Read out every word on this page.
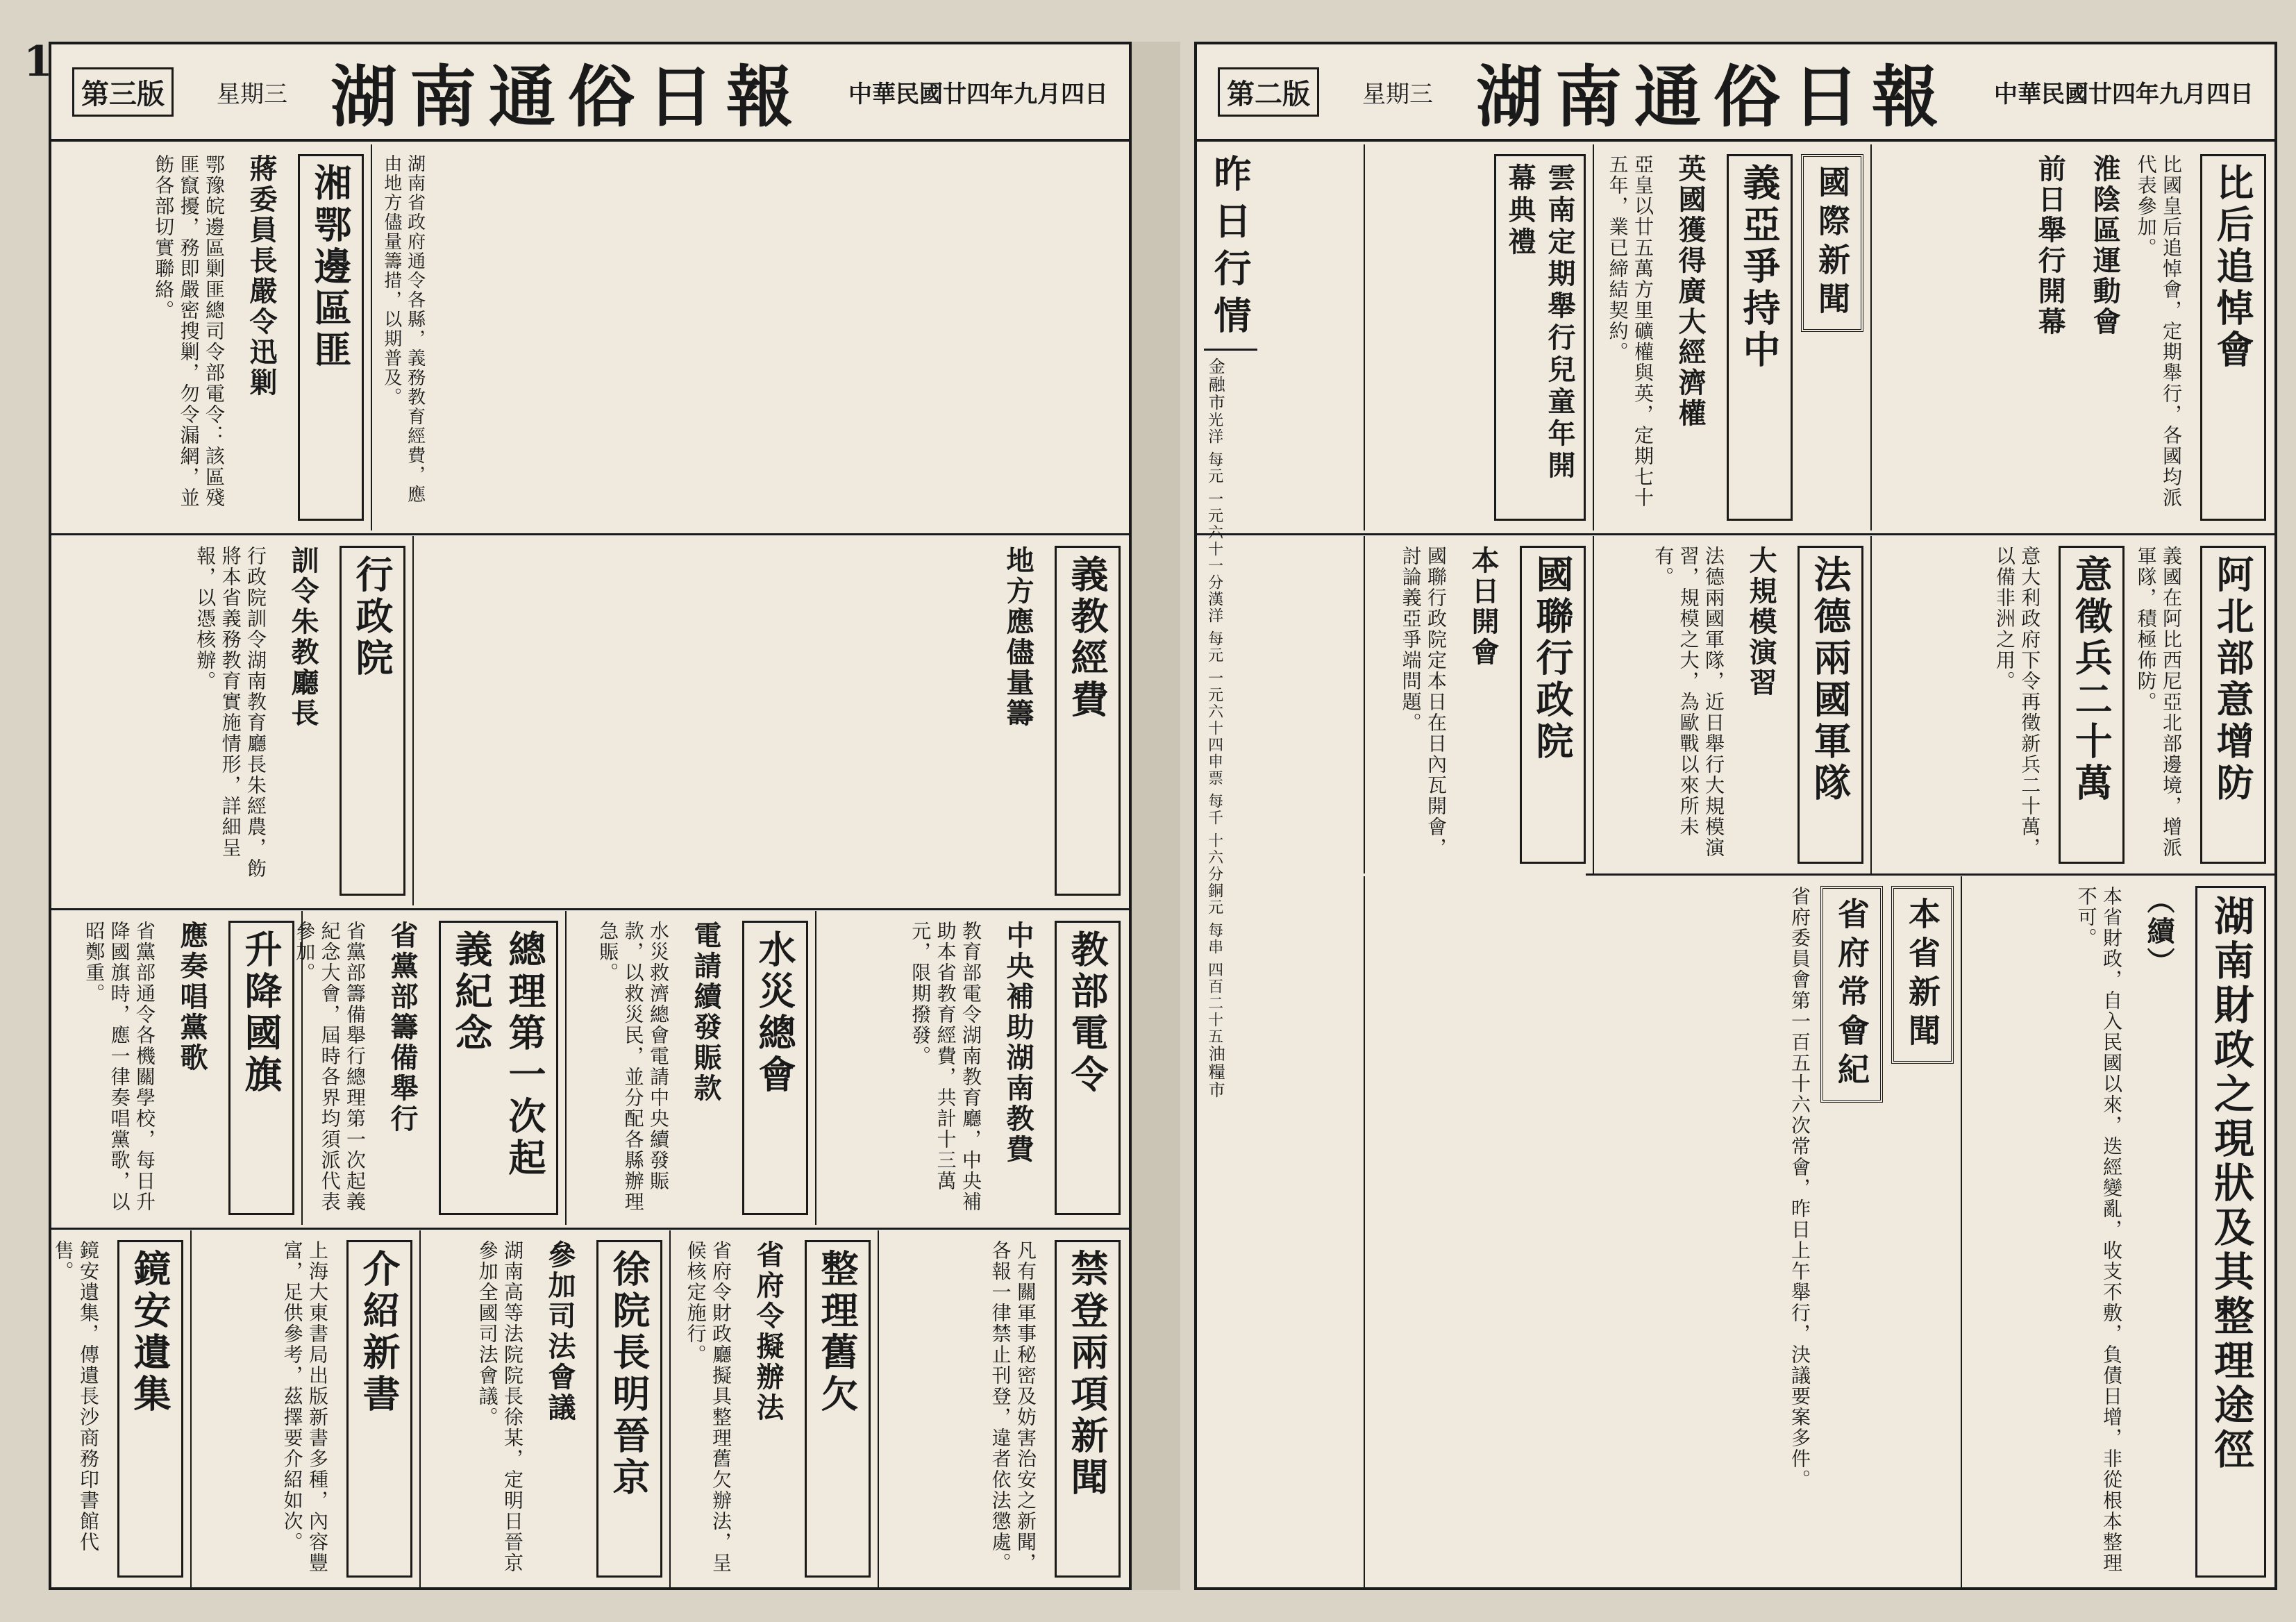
1
第三版	星期三 湖南通俗日報 中華民國廿四年九月四日
湘鄂邊區匪
蔣委員長嚴令迅剿
鄂豫皖邊區剿匪總司令部電令：該區殘匪竄擾，務即嚴密搜剿，勿令漏網，並飭各部切實聯絡。	湖南省政府通令各縣，義務教育經費，應由地方儘量籌措，以期普及。
行政院
訓令朱教廳長
行政院訓令湖南教育廳長朱經農，飭將本省義務教育實施情形，詳細呈報，以憑核辦。	義教經費
地方應儘量籌
升降國旗
應奏唱黨歌
省黨部通令各機關學校，每日升降國旗時，應一律奏唱黨歌，以昭鄭重。	總理第一次起義紀念
省黨部籌備舉行
省黨部籌備舉行總理第一次起義紀念大會，屆時各界均須派代表參加。	水災總會
電請續發賑款
水災救濟總會電請中央續發賑款，以救災民，並分配各縣辦理急賑。	教部電令
中央補助湖南教費
教育部電令湖南教育廳，中央補助本省教育經費，共計十三萬元，限期撥發。
鏡安遺集
鏡安遺集，傳遺長沙商務印書館代售。	介紹新書
上海大東書局出版新書多種，內容豐富，足供參考，茲擇要介紹如次。	徐院長明晉京
參加司法會議
湖南高等法院院長徐某，定明日晉京參加全國司法會議。	整理舊欠
省府令擬辦法
省府令財政廳擬具整理舊欠辦法，呈候核定施行。	禁登兩項新聞
凡有關軍事秘密及妨害治安之新聞，各報一律禁止刊登，違者依法懲處。
第二版	星期三 湖南通俗日報 中華民國廿四年九月四日
昨日行情
金融市
光洋 每元 一元六十一分
漢洋 每元 一元六十四
申票 每千 十六分
銅元 每串 四百二十五
油糧市
雲南定期舉行兒童年開幕典禮	國際新聞
義亞爭持中
英國獲得廣大經濟權
亞皇以廿五萬方里礦權與英，定期七十五年，業已締結契約。	比后追悼會
比國皇后追悼會，定期舉行，各國均派代表參加。
淮陰區運動會
前日舉行開幕
國聯行政院
本日開會
國聯行政院定本日在日內瓦開會，討論義亞爭端問題。	法德兩國軍隊
大規模演習
法德兩國軍隊，近日舉行大規模演習，規模之大，為歐戰以來所未有。	阿北部意增防
義國在阿比西尼亞北部邊境，增派軍隊，積極佈防。
意徵兵二十萬
意大利政府下令再徵新兵二十萬，以備非洲之用。
本省新聞
省府常會紀
省府委員會第一百五十六次常會，昨日上午舉行，決議要案多件。	湖南財政之現狀及其整理途徑
（續）
本省財政，自入民國以來，迭經變亂，收支不敷，負債日增，非從根本整理不可。
